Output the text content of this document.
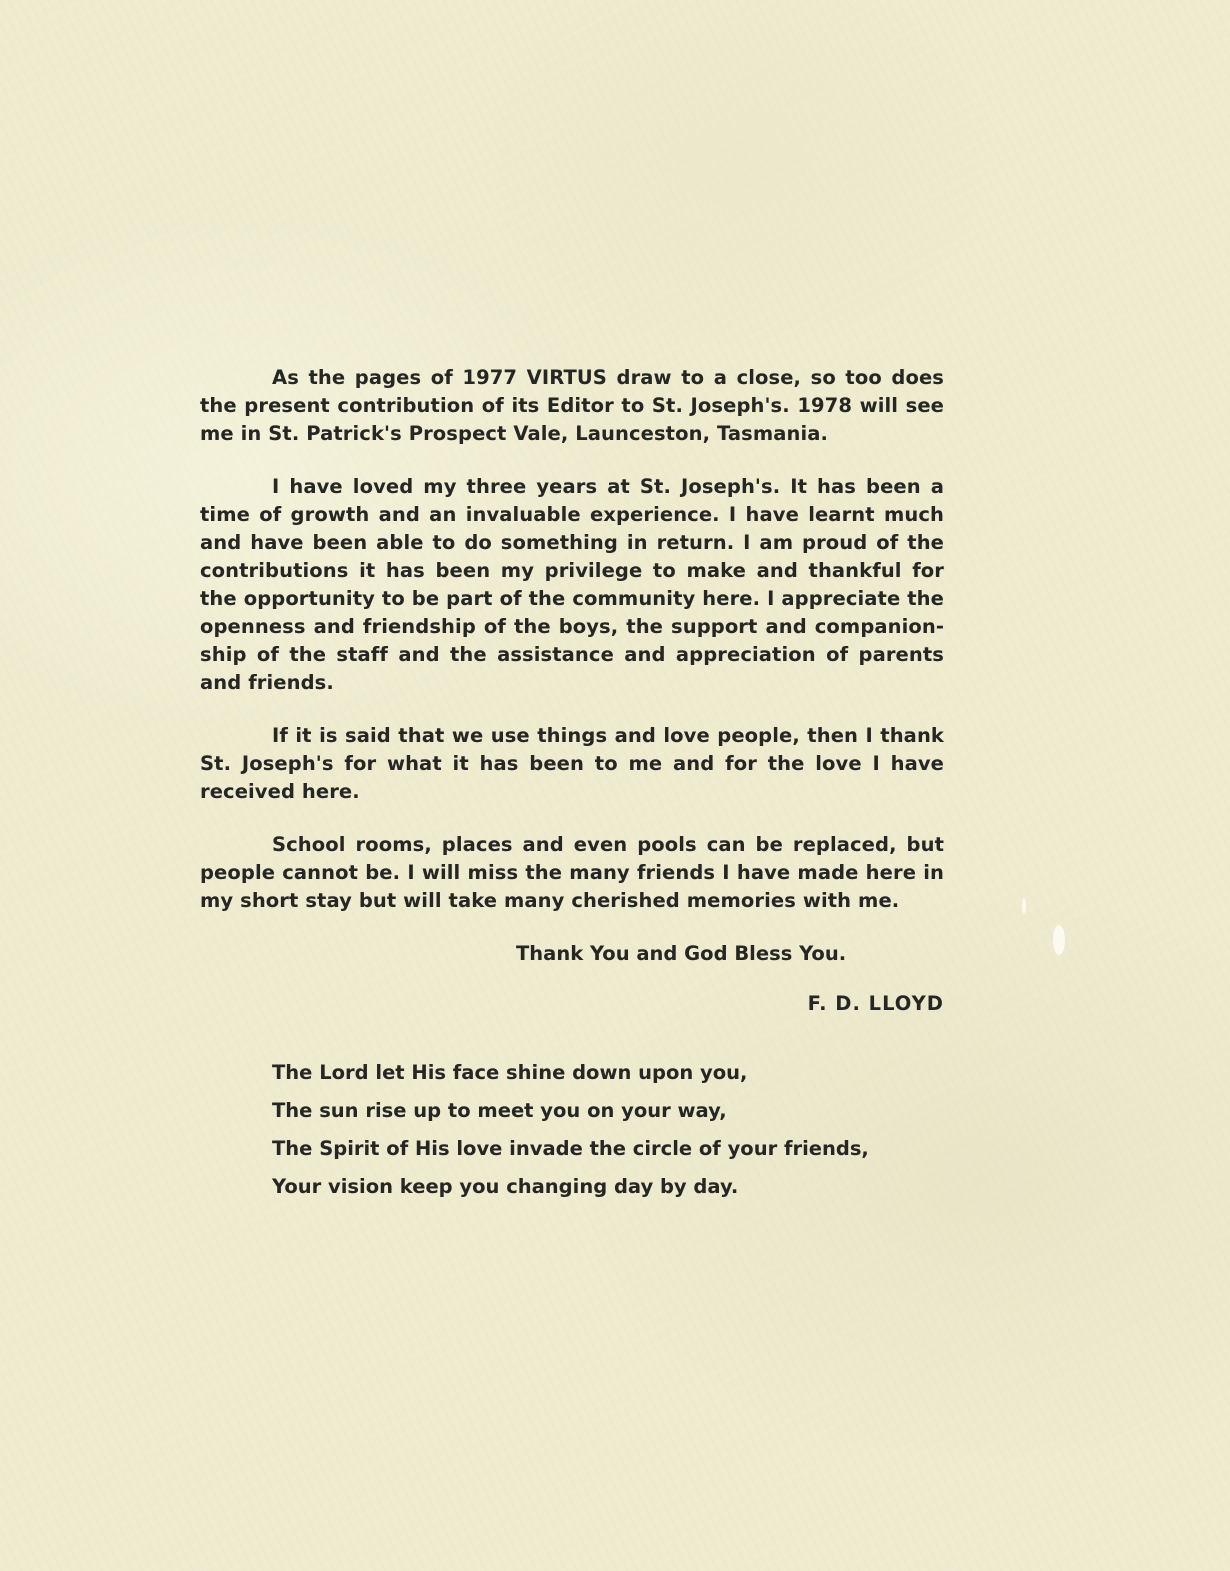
As the pages of 1977 VIRTUS draw to a close, so too does the present contribution of its Editor to St. Joseph's. 1978 will see me in St. Patrick's Prospect Vale, Launceston, Tasmania.

I have loved my three years at St. Joseph's. It has been a time of growth and an invaluable experience. I have learnt much and have been able to do something in return. I am proud of the contributions it has been my privilege to make and thankful for the opportunity to be part of the community here. I appreciate the openness and friendship of the boys, the support and companionship of the staff and the assistance and appreciation of parents and friends.

If it is said that we use things and love people, then I thank St. Joseph's for what it has been to me and for the love I have received here.

School rooms, places and even pools can be replaced, but people cannot be. I will miss the many friends I have made here in my short stay but will take many cherished memories with me.

Thank You and God Bless You.

F. D. LLOYD

The Lord let His face shine down upon you,
The sun rise up to meet you on your way,
The Spirit of His love invade the circle of your friends,
Your vision keep you changing day by day.
